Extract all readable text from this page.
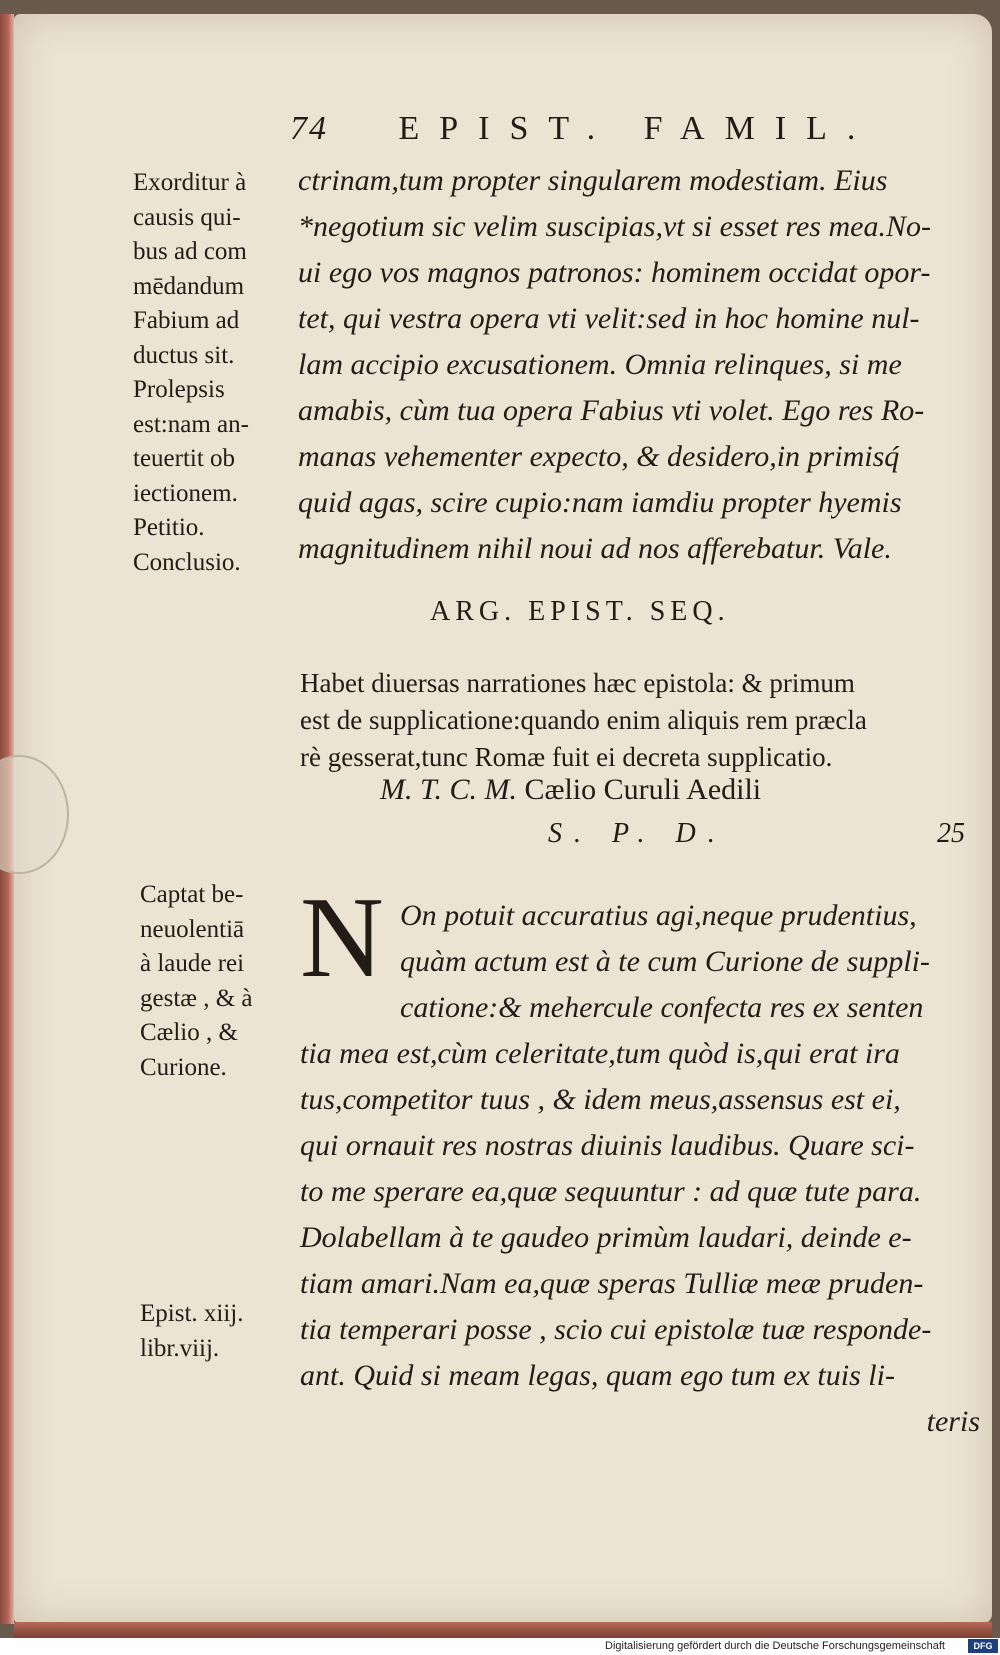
74 EPIST. FAMIL.
Exorditur à
causis qui-
bus ad com
mēdandum
Fabium ad
ductus sit.
Prolepsis
est:nam an-
teuertit ob
iectionem.
Petitio.
Conclusio.
ctrinam,tum propter singularem modestiam. Eius
*negotium sic velim suscipias,vt si esset res mea.No-
ui ego vos magnos patronos: hominem occidat opor-
tet, qui vestra opera vti velit:sed in hoc homine nul-
lam accipio excusationem. Omnia relinques, si me
amabis, cùm tua opera Fabius vti volet. Ego res Ro-
manas vehementer expecto, & desidero,in primisq́
quid agas, scire cupio:nam iamdiu propter hyemis
magnitudinem nihil noui ad nos afferebatur. Vale.
ARG. EPIST. SEQ.
Habet diuersas narrationes hæc epistola: & primum
est de supplicatione:quando enim aliquis rem præcla
rè gesserat,tunc Romæ fuit ei decreta supplicatio.
M. T. C. M. Cælio Curuli Aedili
S. P. D.	25
Captat be-
neuolentiā
à laude rei
gestæ , & à
Cælio , &
Curione.
N On potuit accuratius agi,neque prudentius,
quàm actum est à te cum Curione de suppli-
catione:& mehercule confecta res ex senten
tia mea est,cùm celeritate,tum quòd is,qui erat ira
tus,competitor tuus , & idem meus,assensus est ei,
qui ornauit res nostras diuinis laudibus. Quare sci-
to me sperare ea,quæ sequuntur : ad quæ tute para.
Dolabellam à te gaudeo primùm laudari, deinde e-
tiam amari.Nam ea,quæ speras Tulliæ meæ pruden-
tia temperari posse , scio cui epistolæ tuæ responde-
ant. Quid si meam legas, quam ego tum ex tuis li-
teris
Epist. xiij.
libr.viij.
Digitalisierung gefördert durch die Deutsche Forschungsgemeinschaft	DFG
